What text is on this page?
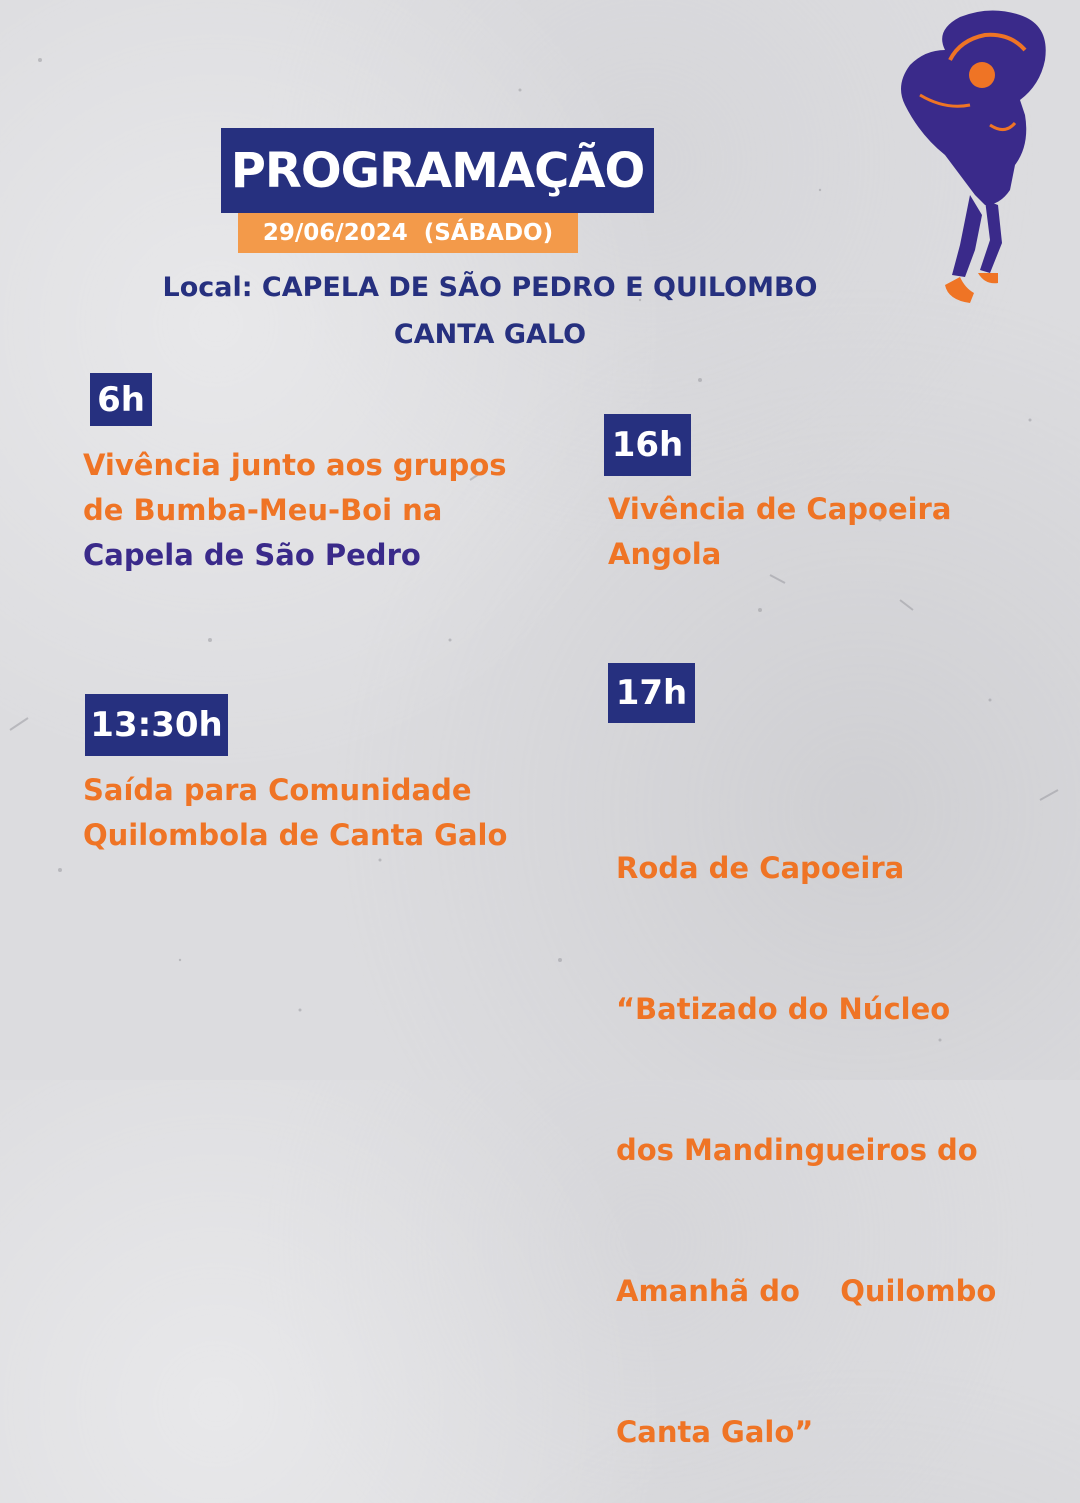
PROGRAMAÇÃO
29/06/2024  (SÁBADO)
Local: CAPELA DE SÃO PEDRO E QUILOMBO
CANTA GALO
6h
Vivência junto aos grupos de Bumba-Meu-Boi na Capela de São Pedro
13:30h
Saída para Comunidade Quilombola de Canta Galo
16h
Vivência de Capoeira Angola
17h

Roda de Capoeira

“Batizado do Núcleo

dos Mandingueiros do

Amanhã do    Quilombo

Canta Galo”
